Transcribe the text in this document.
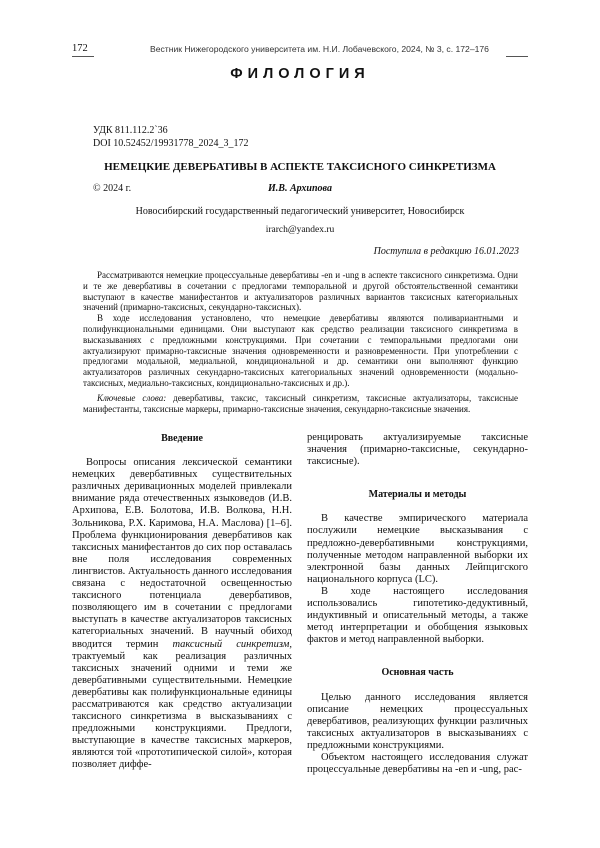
172	Вестник Нижегородского университета им. Н.И. Лобачевского, 2024, № 3, с. 172–176
ФИЛОЛОГИЯ
УДК 811.112.2`36
DOI 10.52452/19931778_2024_3_172
НЕМЕЦКИЕ ДЕВЕРБАТИВЫ В АСПЕКТЕ ТАКСИСНОГО СИНКРЕТИЗМА
© 2024 г.	И.В. Архипова
Новосибирский государственный педагогический университет, Новосибирск
irarch@yandex.ru
Поступила в редакцию 16.01.2023

Рассматриваются немецкие процессуальные девербативы -en и -ung в аспекте таксисного синкретизма. Одни и те же девербативы в сочетании с предлогами темпоральной и другой обстоятельственной семантики выступают в качестве манифестантов и актуализаторов различных вариантов таксисных категориальных значений (примарно-таксисных, секундарно-таксисных).

В ходе исследования установлено, что немецкие девербативы являются поливариантными и полифункциональными единицами. Они выступают как средство реализации таксисного синкретизма в высказываниях с предложными конструкциями. При сочетании с темпоральными предлогами они актуализируют примарно-таксисные значения одновременности и разновременности. При употреблении с предлогами модальной, медиальной, кондициональной и др. семантики они выполняют функцию актуализаторов различных секундарно-таксисных категориальных значений одновременности (модально-таксисных, медиально-таксисных, кондиционально-таксисных и др.).

Ключевые слова: девербативы, таксис, таксисный синкретизм, таксисные актуализаторы, таксисные манифестанты, таксисные маркеры, примарно-таксисные значения, секундарно-таксисные значения.
Введение

Вопросы описания лексической семантики немецких девербативных существительных различных деривационных моделей привлекали внимание ряда отечественных языковедов (И.В. Архипова, Е.В. Болотова, И.В. Волкова, Н.Н. Зольникова, Р.Х. Каримова, Н.А. Маслова) [1–6]. Проблема функционирования девербативов как таксисных манифестантов до сих пор оставалась вне поля исследования современных лингвистов. Актуальность данного исследования связана с недостаточной освещенностью таксисного потенциала девербативов, позволяющего им в сочетании с предлогами выступать в качестве актуализаторов таксисных категориальных значений. В научный обиход вводится термин таксисный синкретизм, трактуемый как реализация различных таксисных значений одними и теми же девербативными существительными. Немецкие девербативы как полифункциональные единицы рассматриваются как средство актуализации таксисного синкретизма в высказываниях с предложными конструкциями. Предлоги, выступающие в качестве таксисных маркеров, являются той «прототипической силой», которая позволяет диффе-

ренцировать актуализируемые таксисные значения (примарно-таксисные, секундарно-таксисные).

Материалы и методы

В качестве эмпирического материала послужили немецкие высказывания с предложно-девербативными конструкциями, полученные методом направленной выборки их электронной базы данных Лейпцигского национального корпуса (LC).

В ходе настоящего исследования использовались гипотетико-дедуктивный, индуктивный и описательный методы, а также метод интерпретации и обобщения языковых фактов и метод направленной выборки.

Основная часть

Целью данного исследования является описание немецких процессуальных девербативов, реализующих функции различных таксисных актуализаторов в высказываниях с предложными конструкциями.

Объектом настоящего исследования служат процессуальные девербативы на -en и -ung, рас-
